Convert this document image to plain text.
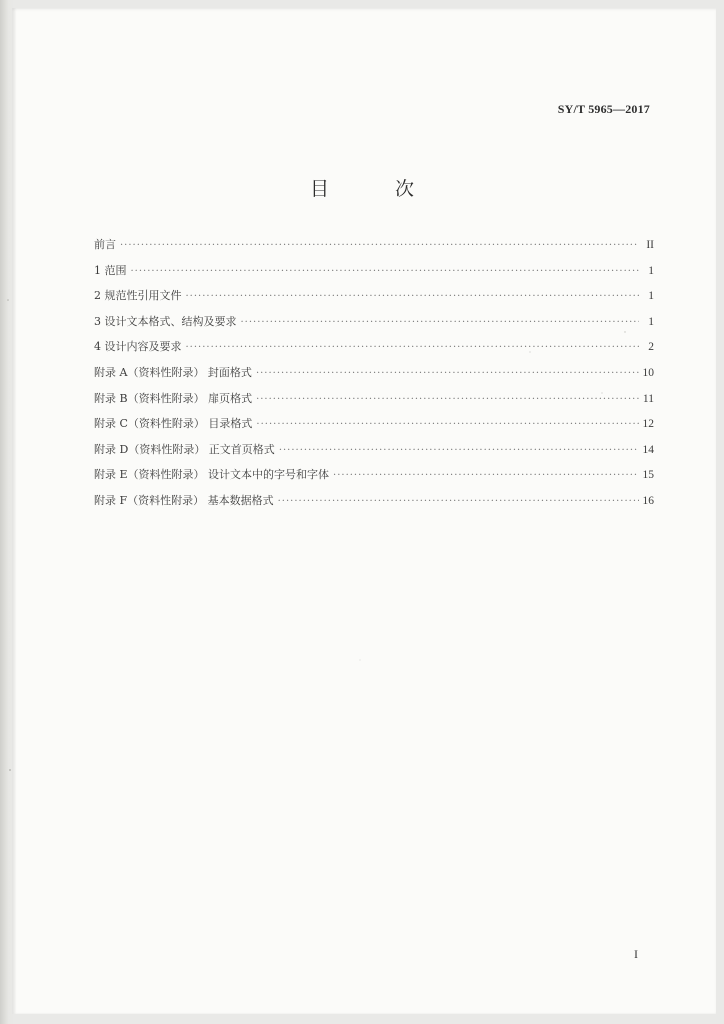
SY/T 5965—2017
目 次
前言 ·····	II
1 范围 ·····	1
2 规范性引用文件 ·····	1
3 设计文本格式、结构及要求 ·····	1
4 设计内容及要求 ·····	2
附录 A（资料性附录） 封面格式 ·····	10
附录 B（资料性附录） 扉页格式 ·····	11
附录 C（资料性附录） 目录格式 ·····	12
附录 D（资料性附录） 正文首页格式 ·····	14
附录 E（资料性附录） 设计文本中的字号和字体 ·····	15
附录 F（资料性附录） 基本数据格式 ·····	16
I
